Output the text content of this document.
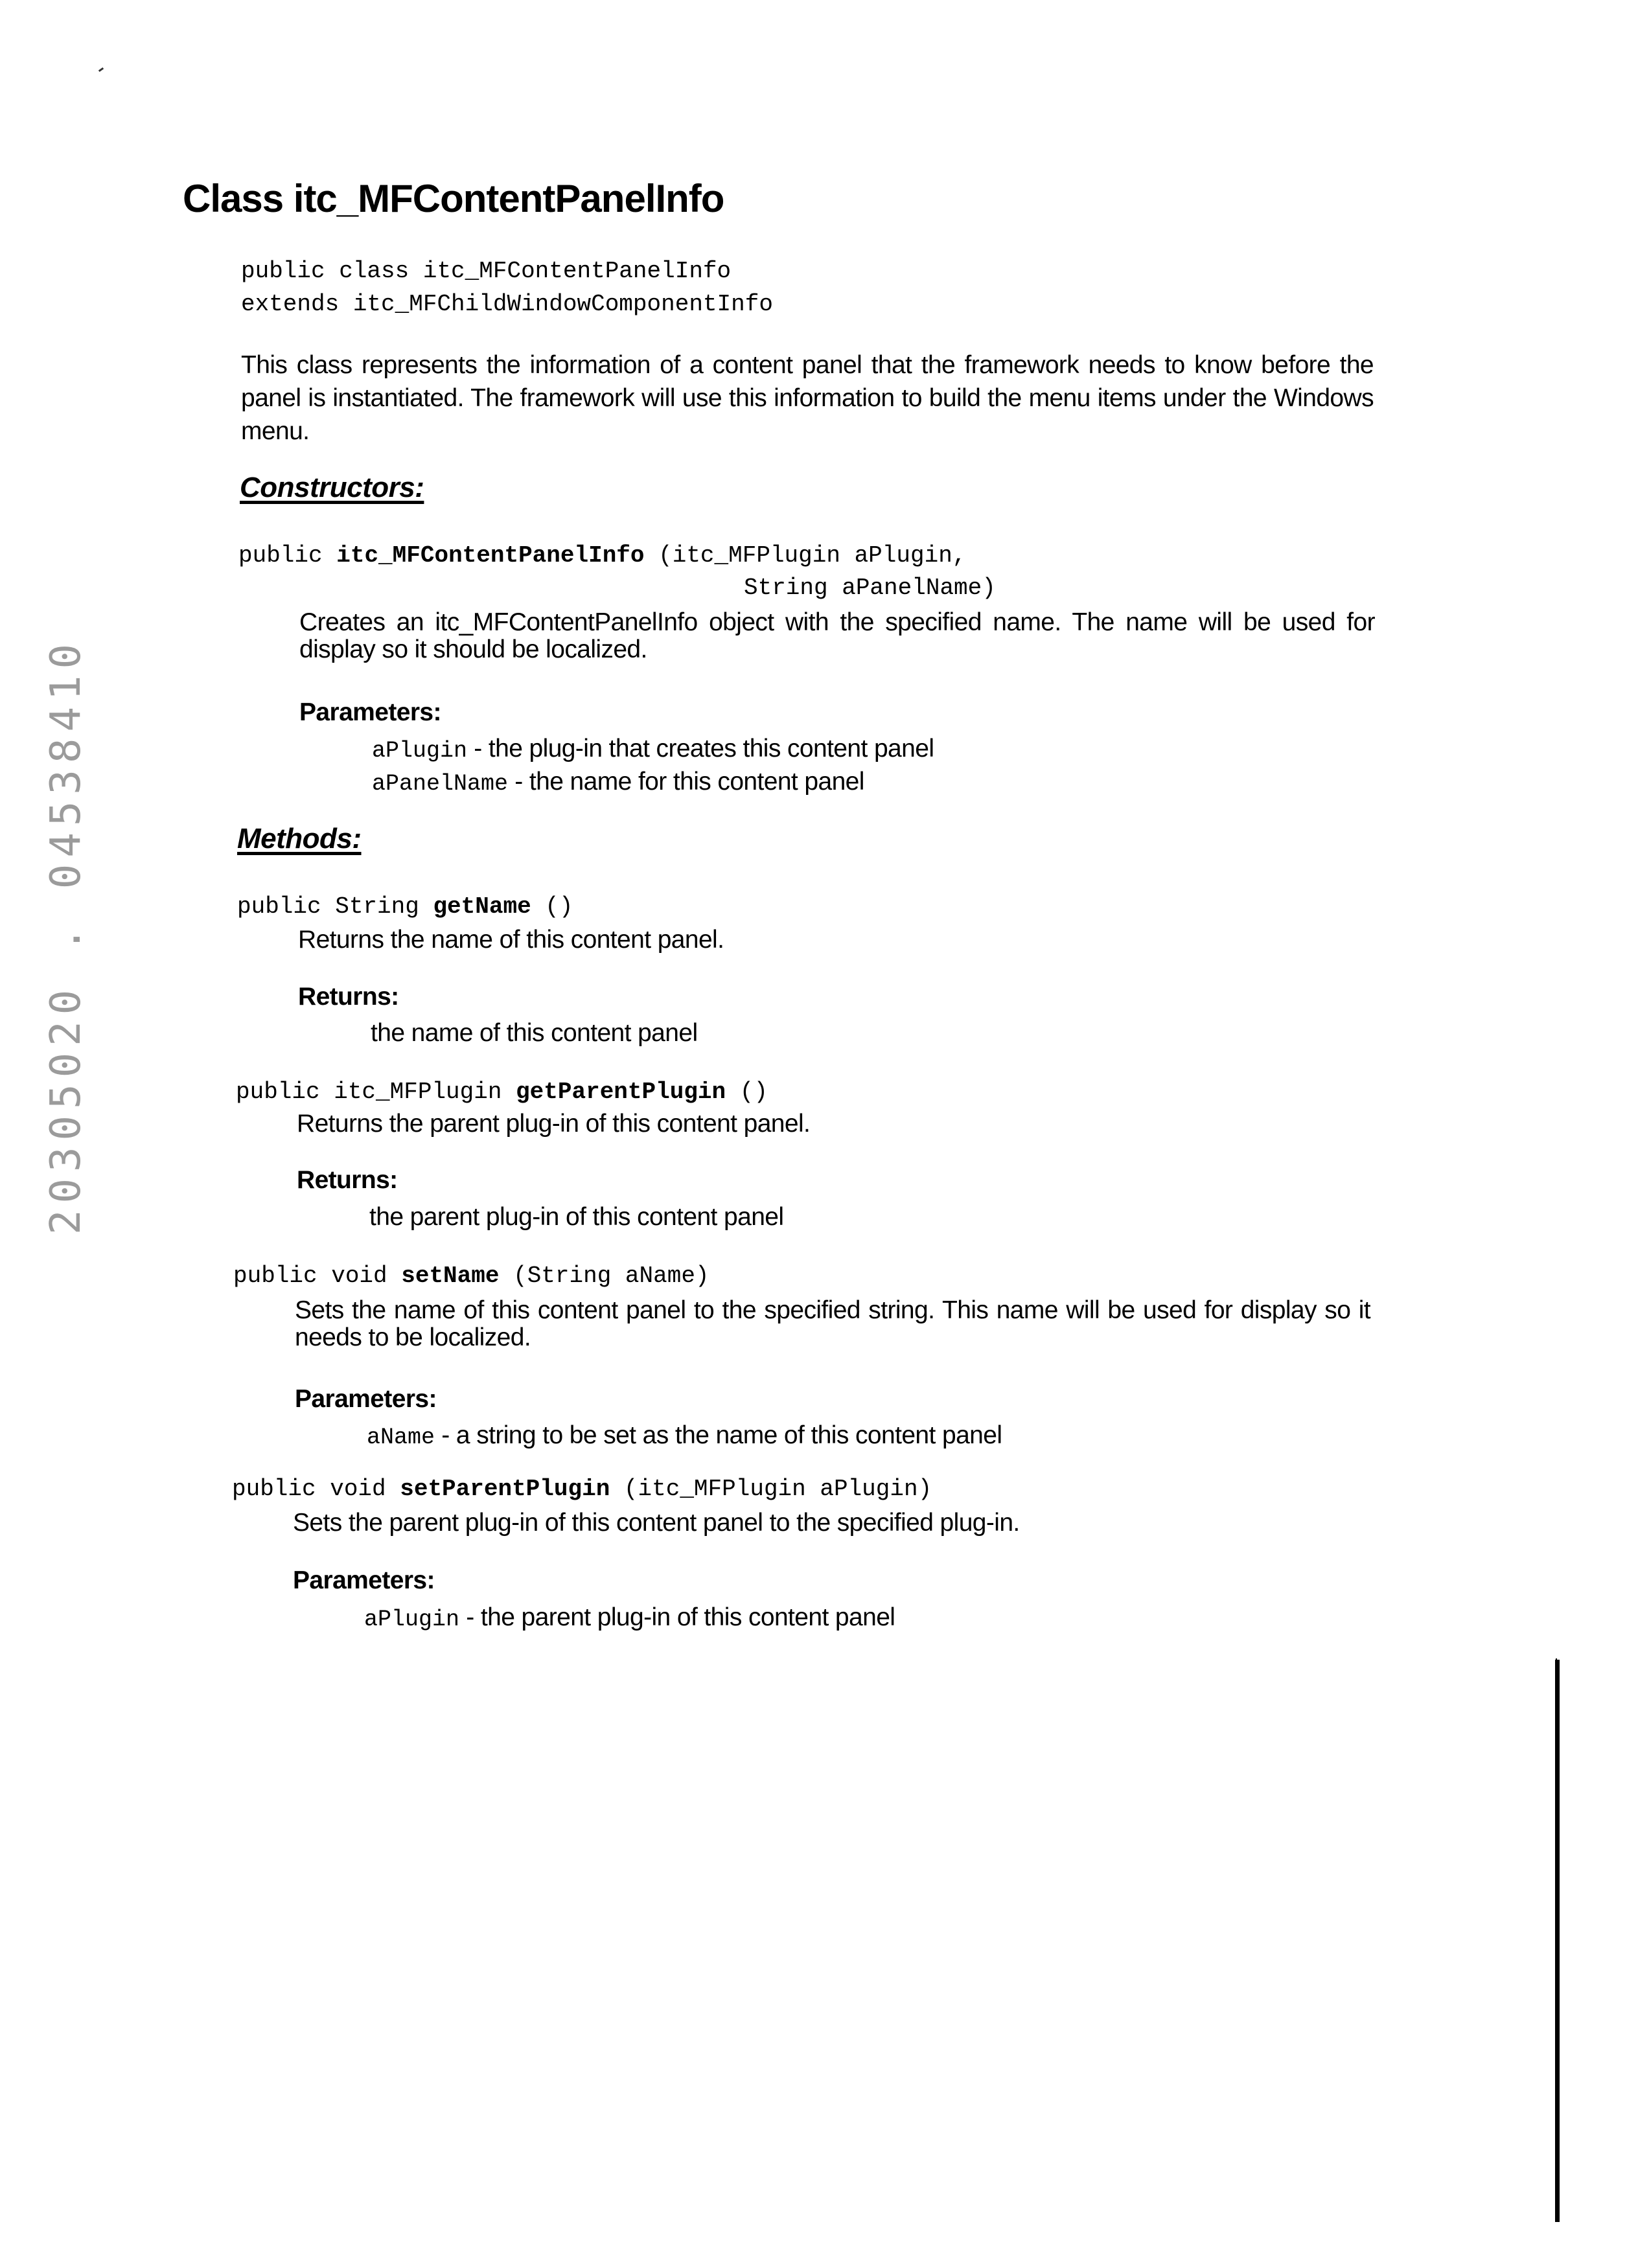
Class itc_MFContentPanelInfo
public class itc_MFContentPanelInfo
extends itc_MFChildWindowComponentInfo
This class represents the information of a content panel that the framework needs to know before the panel is instantiated. The framework will use this information to build the menu items under the Windows menu.
Constructors:
public itc_MFContentPanelInfo (itc_MFPlugin aPlugin,
String aPanelName)
Creates an itc_MFContentPanelInfo object with the specified name. The name will be used for display so it should be localized.
Parameters:
aPlugin - the plug-in that creates this content panel
aPanelName - the name for this content panel
Methods:
public String getName ()
Returns the name of this content panel.
Returns:
the name of this content panel
public itc_MFPlugin getParentPlugin ()
Returns the parent plug-in of this content panel.
Returns:
the parent plug-in of this content panel
public void setName (String aName)
Sets the name of this content panel to the specified string. This name will be used for display so it needs to be localized.
Parameters:
aName - a string to be set as the name of this content panel
public void setParentPlugin (itc_MFPlugin aPlugin)
Sets the parent plug-in of this content panel to the specified plug-in.
Parameters:
aPlugin - the parent plug-in of this content panel
20305020 . 04538410
